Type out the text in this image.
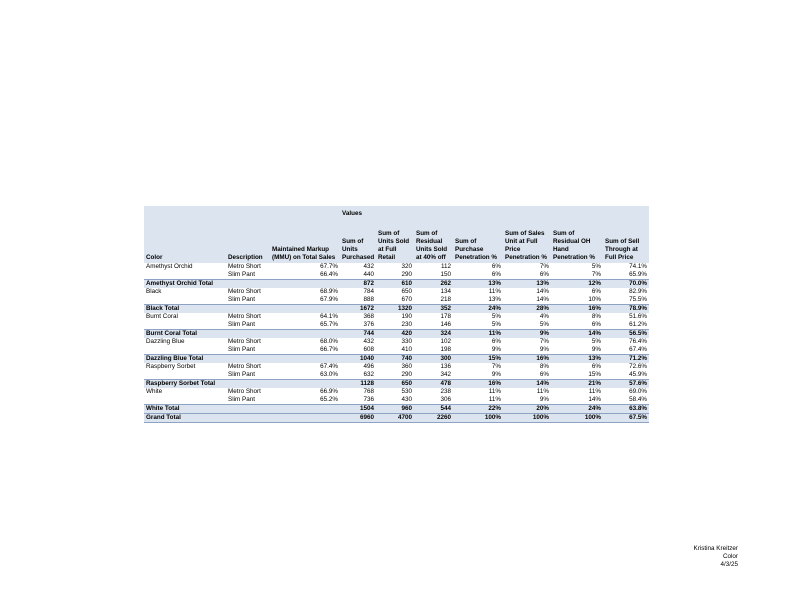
			Values						
Color	Description	Maintained Markup (MMU) on Total Sales	Sum of Units Purchased	Sum of Units Sold at Full Retail	Sum of Residual Units Sold at 40% off	Sum of Purchase Penetration %	Sum of Sales Unit at Full Price Penetration %	Sum of Residual OH Hand Penetration %	Sum of Sell Through at Full Price
Amethyst Orchid	Metro Short	67.7%	432	320	112	6%	7%	5%	74.1%
	Slim Pant	66.4%	440	290	150	6%	6%	7%	65.9%
Amethyst Orchid Total			872	610	262	13%	13%	12%	70.0%
Black	Metro Short	68.9%	784	650	134	11%	14%	6%	82.9%
	Slim Pant	67.9%	888	670	218	13%	14%	10%	75.5%
Black Total			1672	1320	352	24%	28%	16%	78.9%
Burnt Coral	Metro Short	64.1%	368	190	178	5%	4%	8%	51.6%
	Slim Pant	65.7%	376	230	146	5%	5%	6%	61.2%
Burnt Coral Total			744	420	324	11%	9%	14%	56.5%
Dazzling Blue	Metro Short	68.0%	432	330	102	6%	7%	5%	76.4%
	Slim Pant	66.7%	608	410	198	9%	9%	9%	67.4%
Dazzling Blue Total			1040	740	300	15%	16%	13%	71.2%
Raspberry Sorbet	Metro Short	67.4%	496	360	136	7%	8%	6%	72.6%
	Slim Pant	63.0%	632	290	342	9%	6%	15%	45.9%
Raspberry Sorbet Total			1128	650	478	16%	14%	21%	57.6%
White	Metro Short	66.9%	768	530	238	11%	11%	11%	69.0%
	Slim Pant	65.2%	736	430	306	11%	9%	14%	58.4%
White Total			1504	960	544	22%	20%	24%	63.8%
Grand Total			6960	4700	2260	100%	100%	100%	67.5%
Kristina Kreitzer
Color
4/3/25
